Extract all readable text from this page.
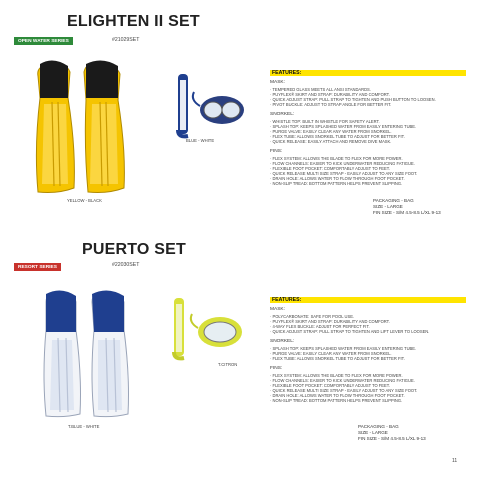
ELIGHTEN II SET
OPEN WATER SERIES	#21029SET
BLUE - WHITE
YELLOW - BLACK
FEATURES:
MASK:
· TEMPERED GLASS MEETS ALL ANSI STANDARDS.
· PUYFLEX® SKIRT AND STRAP: DURABILITY AND COMFORT.
· QUICK ADJUST STRAP: PULL STRAP TO TIGHTEN AND PUSH BUTTON TO LOOSEN.
· PIVOT BUCKLE: ADJUST TO STRAP ANGLE FOR BETTER FIT.
SNORKEL:
· WHISTLE TOP: BUILT IN WHISTLE FOR SAFETY ALERT.
· SPLASH TOP: KEEPS SPLASHED WATER FROM EASILY ENTERING TUBE.
· PURGE VALVE: EASILY CLEAR ANY WATER FROM SNORKEL.
· FLEX TUBE: ALLOWS SNORKEL TUBE TO ADJUST FOR BETTER FIT.
· QUICK RELEASE: EASILY ATTACH AND REMOVE DIVE MASK.
FINS:
· FLEX SYSTEM: ALLOWS THE BLADE TO FLEX FOR MORE POWER.
· FLOW CHANNELS: EASIER TO KICK UNDERWATER REDUCING FATIGUE.
· FLEXIBLE FOOT POCKET: COMFORTABLY ADJUST TO FEET.
· QUICK RELEASE MULTI SIZE STRAP - EASILY ADJUST TO ANY SIZE FOOT.
· DRAIN HOLE: ALLOWS WATER TO FLOW THROUGH FOOT POCKET.
· NON-SLIP TREAD: BOTTOM PATTERN HELPS PREVENT SLIPPING.
PACKAGING - BAG
SIZE - LARGE
FIN SIZE - S/M 4.5-8.5 L/XL 9-13
PUERTO SET
RESORT SERIES	#22030SET
T.CITRON
T.BLUE - WHITE
FEATURES:
MASK:
· POLYCARBONATE: SAFE FOR POOL USE.
· PUYFLEX® SKIRT AND STRAP: DURABILITY AND COMFORT.
· 4-WAY FLEX BUCKLE: ADJUST FOR PERFECT FIT.
· QUICK ADJUST STRAP: PULL STRAP TO TIGHTEN AND LIFT LEVER TO LOOSEN.
SNORKEL:
· SPLASH TOP: KEEPS SPLASHED WATER FROM EASILY ENTERING TUBE.
· PURGE VALVE: EASILY CLEAR ANY WATER FROM SNORKEL.
· FLEX TUBE: ALLOWS SNORKEL TUBE TO ADJUST FOR BETTER FIT.
FINS:
· FLEX SYSTEM: ALLOWS THE BLADE TO FLEX FOR MORE POWER.
· FLOW CHANNELS: EASIER TO KICK UNDERWATER REDUCING FATIGUE.
· FLEXIBLE FOOT POCKET: COMFORTABLY ADJUST TO FEET.
· QUICK RELEASE MULTI SIZE STRAP - EASILY ADJUST TO ANY SIZE FOOT.
· DRAIN HOLE: ALLOWS WATER TO FLOW THROUGH FOOT POCKET.
· NON-SLIP TREAD: BOTTOM PATTERN HELPS PREVENT SLIPPING.
PACKAGING - BAG
SIZE - LARGE
FIN SIZE - S/M 4.5-8.5 L/XL 9-13
11
